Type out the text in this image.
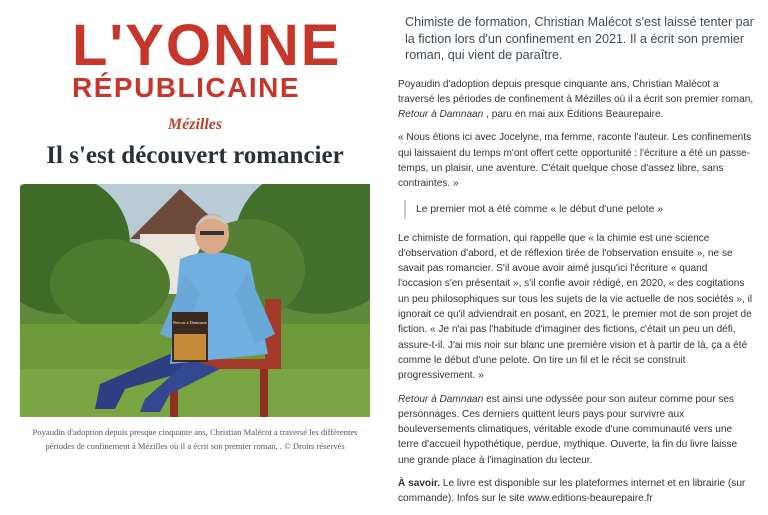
L'YONNE
RÉPUBLICAINE
Mézilles
Il s'est découvert romancier
Retour à Damnaan
Poyaudin d'adoption depuis presque cinquante ans, Christian Malécot a traversé les différentes périodes de confinement à Mézilles où il a écrit son premier roman, . © Droits réservés

Chimiste de formation, Christian Malécot s'est laissé tenter par la fiction lors d'un confinement en 2021. Il a écrit son premier roman, qui vient de paraître.

Poyaudin d'adoption depuis presque cinquante ans, Christian Malécot a traversé les périodes de confinement à Mézilles où il a écrit son premier roman, Retour à Damnaan , paru en mai aux Éditions Beaurepaire.

« Nous étions ici avec Jocelyne, ma femme, raconte l'auteur. Les confinements qui laissaient du temps m'ont offert cette opportunité : l'écriture a été un passe-temps, un plaisir, une aventure. C'était quelque chose d'assez libre, sans contraintes. »

Le premier mot a été comme « le début d'une pelote »

Le chimiste de formation, qui rappelle que « la chimie est une science d'observation d'abord, et de réflexion tirée de l'observation ensuite », ne se savait pas romancier. S'il avoue avoir aimé jusqu'ici l'écriture « quand l'occasion s'en présentait », s'il confie avoir rédigé, en 2020, « des cogitations un peu philosophiques sur tous les sujets de la vie actuelle de nos sociétés », il ignorait ce qu'il adviendrait en posant, en 2021, le premier mot de son projet de fiction. « Je n'ai pas l'habitude d'imaginer des fictions, c'était un peu un défi, assure-t-il. J'ai mis noir sur blanc une première vision et à partir de là, ça a été comme le début d'une pelote. On tire un fil et le récit se construit progressivement. »

Retour à Damnaan est ainsi une odyssée pour son auteur comme pour ses personnages. Ces derniers quittent leurs pays pour survivre aux bouleversements climatiques, véritable exode d'une communauté vers une terre d'accueil hypothétique, perdue, mythique. Ouverte, la fin du livre laisse une grande place à l'imagination du lecteur.

À savoir. Le livre est disponible sur les plateformes internet et en librairie (sur commande). Infos sur le site www.editions-beaurepaire.fr
